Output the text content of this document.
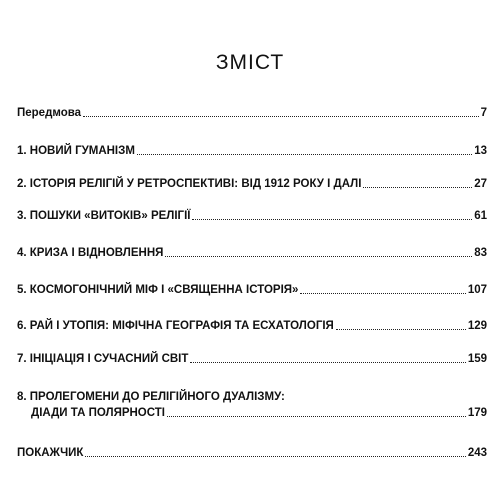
ЗМІСТ
Передмова	7
1. НОВИЙ ГУМАНІЗМ	13
2. ІСТОРІЯ РЕЛІГІЙ У РЕТРОСПЕКТИВІ: ВІД 1912 РОКУ І ДАЛІ	27
3. ПОШУКИ «ВИТОКІВ» РЕЛІГІЇ	61
4. КРИЗА І ВІДНОВЛЕННЯ	83
5. КОСМОГОНІЧНИЙ МІФ І «СВЯЩЕННА ІСТОРІЯ»	107
6. РАЙ І УТОПІЯ: МІФІЧНА ГЕОГРАФІЯ ТА ЕСХАТОЛОГІЯ	129
7. ІНІЦІАЦІЯ І СУЧАСНИЙ СВІТ	159
8. ПРОЛЕГОМЕНИ ДО РЕЛІГІЙНОГО ДУАЛІЗМУ:
ДІАДИ ТА ПОЛЯРНОСТІ	179
ПОКАЖЧИК	243
